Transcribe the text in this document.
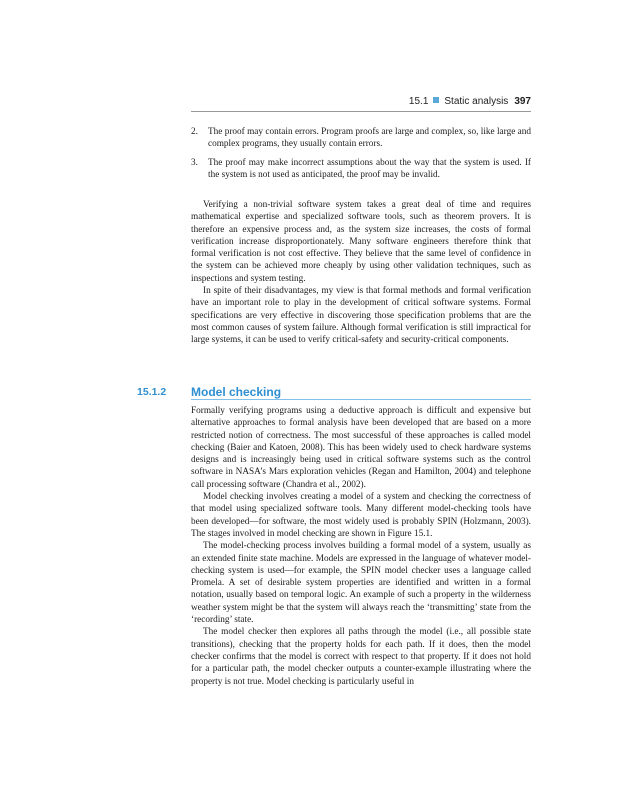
15.1 Static analysis 397
2.	The proof may contain errors. Program proofs are large and complex, so, like large and complex programs, they usually contain errors.
3.	The proof may make incorrect assumptions about the way that the system is used. If the system is not used as anticipated, the proof may be invalid.

Verifying a non-trivial software system takes a great deal of time and requires mathematical expertise and specialized software tools, such as theorem provers. It is therefore an expensive process and, as the system size increases, the costs of formal verification increase disproportionately. Many software engineers therefore think that formal verification is not cost effective. They believe that the same level of confidence in the system can be achieved more cheaply by using other validation techniques, such as inspections and system testing.

In spite of their disadvantages, my view is that formal methods and formal verification have an important role to play in the development of critical software systems. Formal specifications are very effective in discovering those specification problems that are the most common causes of system failure. Although formal verification is still impractical for large systems, it can be used to verify critical-safety and security-critical components.

15.1.2 Model checking

Formally verifying programs using a deductive approach is difficult and expensive but alternative approaches to formal analysis have been developed that are based on a more restricted notion of correctness. The most successful of these approaches is called model checking (Baier and Katoen, 2008). This has been widely used to check hardware systems designs and is increasingly being used in critical software systems such as the control software in NASA’s Mars exploration vehicles (Regan and Hamilton, 2004) and telephone call processing software (Chandra et al., 2002).

Model checking involves creating a model of a system and checking the correctness of that model using specialized software tools. Many different model-checking tools have been developed—for software, the most widely used is probably SPIN (Holzmann, 2003). The stages involved in model checking are shown in Figure 15.1.

The model-checking process involves building a formal model of a system, usually as an extended finite state machine. Models are expressed in the language of whatever model-checking system is used—for example, the SPIN model checker uses a language called Promela. A set of desirable system properties are identified and written in a formal notation, usually based on temporal logic. An example of such a property in the wilderness weather system might be that the system will always reach the ‘transmitting’ state from the ‘recording’ state.

The model checker then explores all paths through the model (i.e., all possible state transitions), checking that the property holds for each path. If it does, then the model checker confirms that the model is correct with respect to that property. If it does not hold for a particular path, the model checker outputs a counter-example illustrating where the property is not true. Model checking is particularly useful in
